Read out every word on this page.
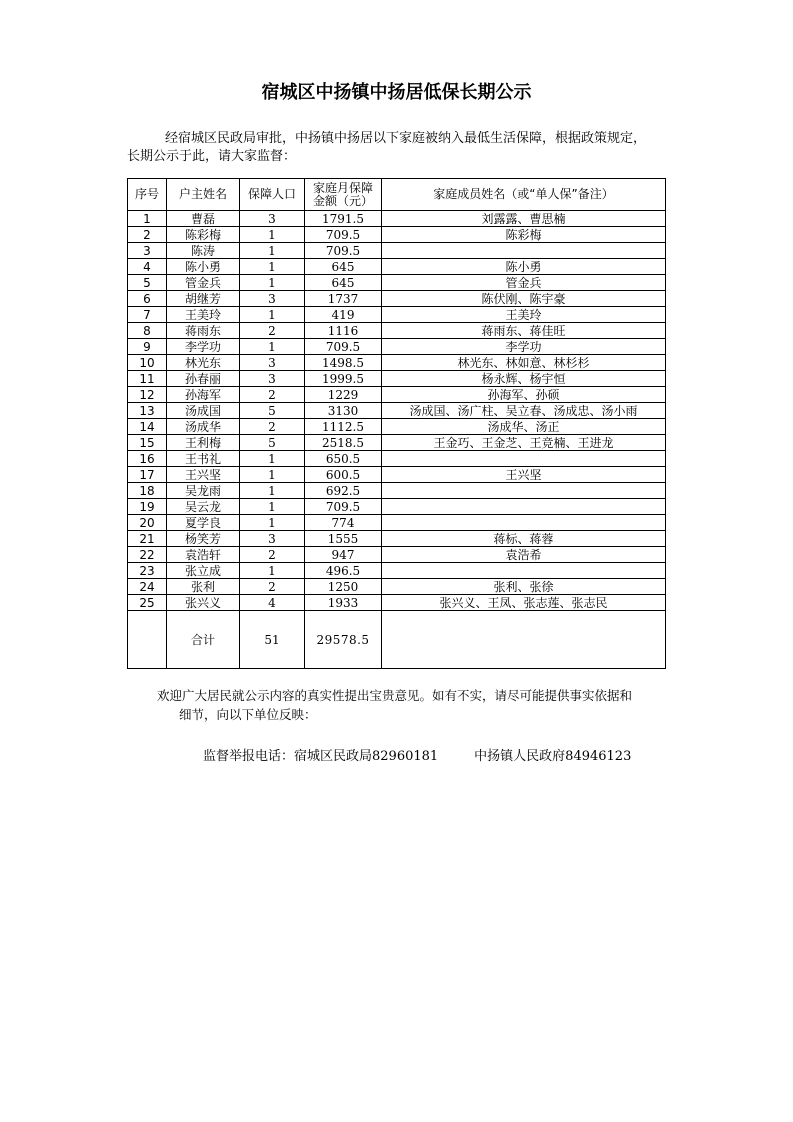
宿城区中扬镇中扬居低保长期公示
经宿城区民政局审批，中扬镇中扬居以下家庭被纳入最低生活保障，根据政策规定，
长期公示于此，请大家监督：
序号	户主姓名	保障人口	家庭月保障
金额（元）	家庭成员姓名（或“单人保”备注）
1	曹磊	3	1791.5	刘露露、曹思楠
2	陈彩梅	1	709.5	陈彩梅
3	陈涛	1	709.5	
4	陈小勇	1	645	陈小勇
5	管金兵	1	645	管金兵
6	胡继芳	3	1737	陈伏刚、陈宇豪
7	王美玲	1	419	王美玲
8	蒋雨东	2	1116	蒋雨东、蒋佳旺
9	李学功	1	709.5	李学功
10	林光东	3	1498.5	林光东、林如意、林杉杉
11	孙春丽	3	1999.5	杨永辉、杨宇恒
12	孙海军	2	1229	孙海军、孙硕
13	汤成国	5	3130	汤成国、汤广柱、吴立春、汤成忠、汤小雨
14	汤成华	2	1112.5	汤成华、汤正
15	王利梅	5	2518.5	王金巧、王金芝、王竞楠、王进龙
16	王书礼	1	650.5	
17	王兴坚	1	600.5	王兴坚
18	吴龙雨	1	692.5	
19	吴云龙	1	709.5	
20	夏学良	1	774	
21	杨笑芳	3	1555	蒋标、蒋蓉
22	袁浩轩	2	947	袁浩希
23	张立成	1	496.5	
24	张利	2	1250	张利、张徐
25	张兴义	4	1933	张兴义、王凤、张志莲、张志民
	合计	51	29578.5	
欢迎广大居民就公示内容的真实性提出宝贵意见。如有不实，请尽可能提供事实依据和
细节，向以下单位反映：
监督举报电话：宿城区民政局82960181	中扬镇人民政府84946123
